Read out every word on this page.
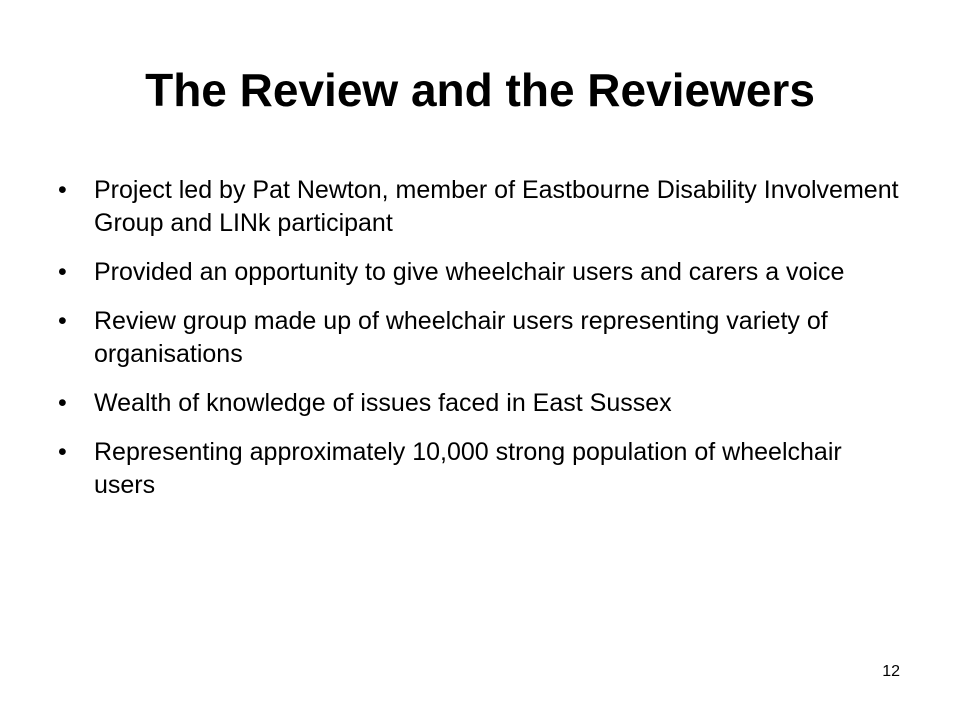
The Review and the Reviewers
•	Project led by Pat Newton, member of Eastbourne Disability Involvement Group and LINk participant
•	Provided an opportunity to give wheelchair users and carers a voice
•	Review group made up of wheelchair users representing variety of organisations
•	Wealth of knowledge of issues faced in East Sussex
•	Representing approximately 10,000 strong population of wheelchair users
12
